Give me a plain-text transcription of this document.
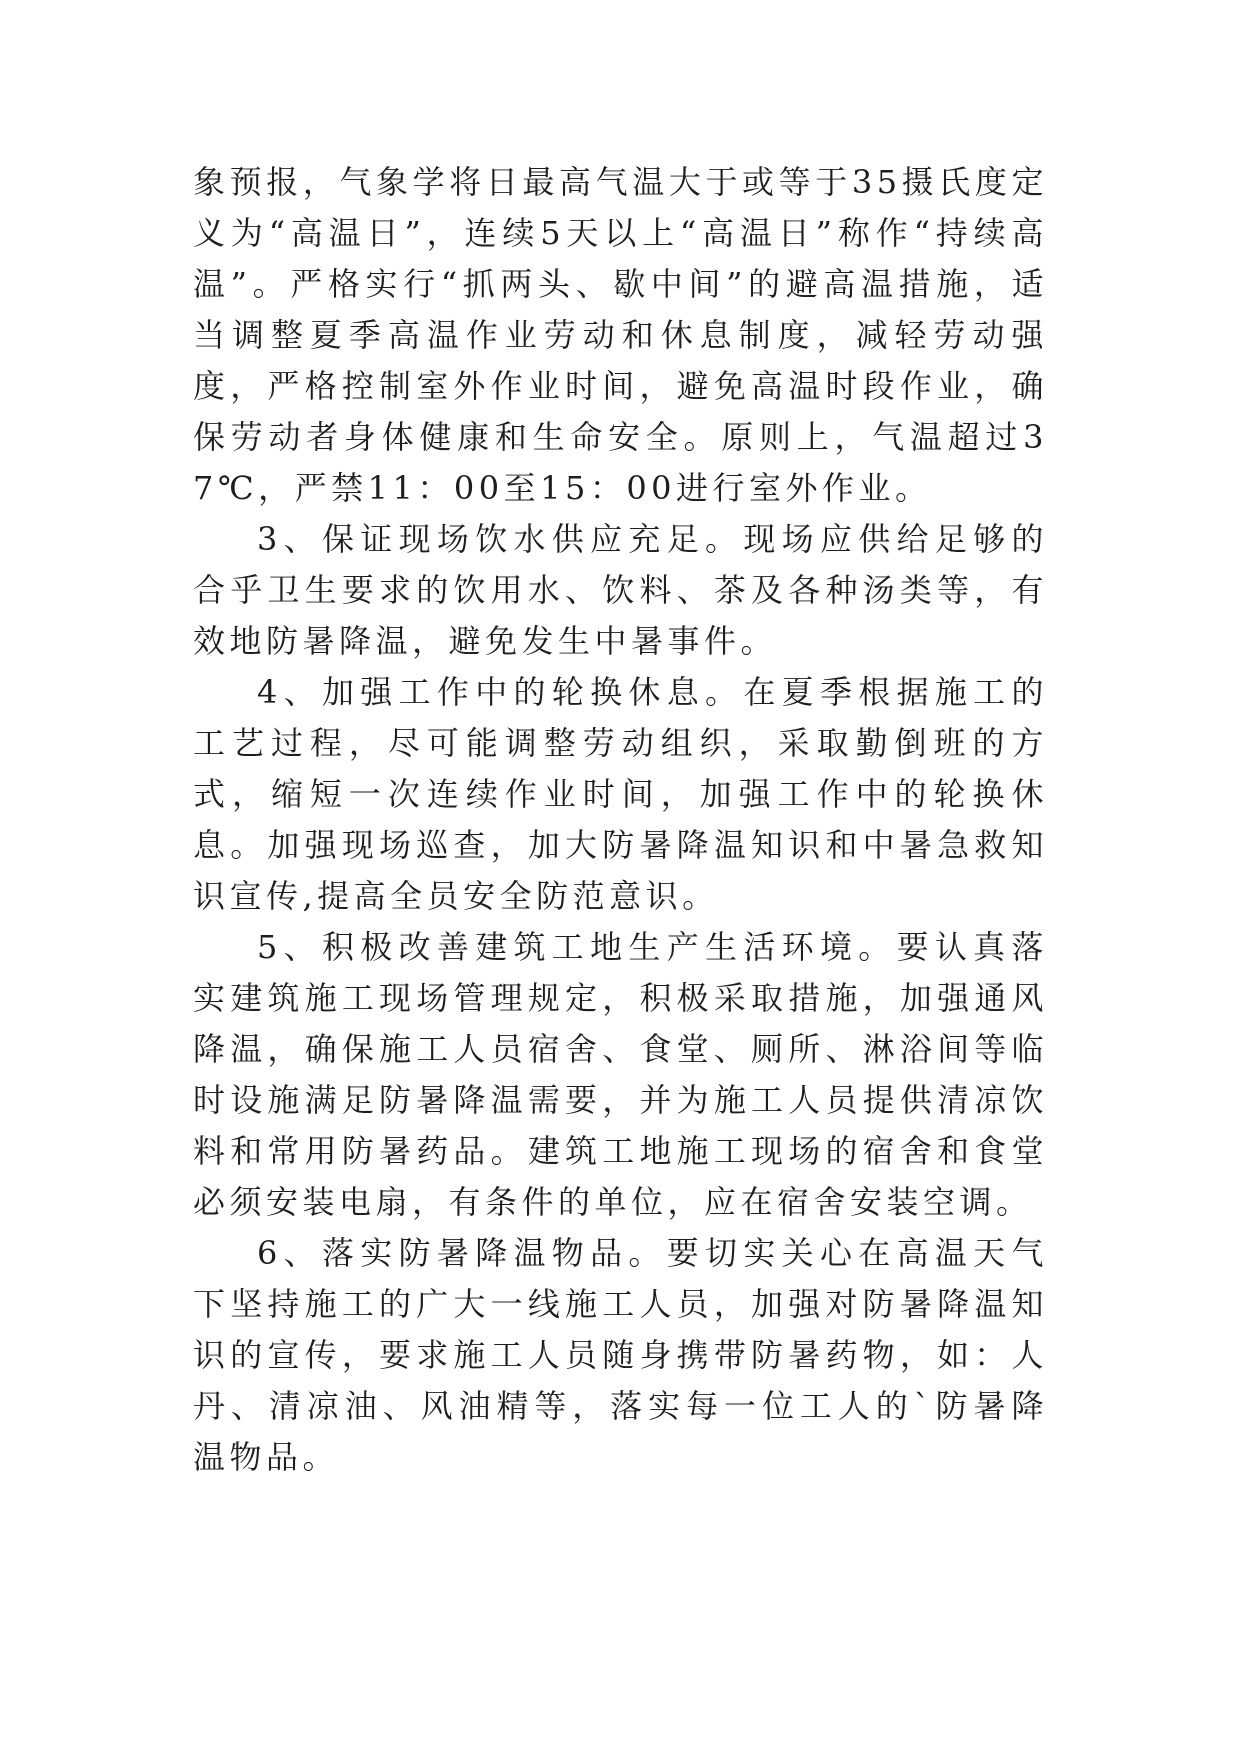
象预报，气象学将日最高气温大于或等于35摄氏度定义为“高温日”，连续5天以上“高温日”称作“持续高温”。严格实行“抓两头、歇中间”的避高温措施，适当调整夏季高温作业劳动和休息制度，减轻劳动强度，严格控制室外作业时间，避免高温时段作业，确保劳动者身体健康和生命安全。原则上，气温超过37℃，严禁11：00至15：00进行室外作业。

3、保证现场饮水供应充足。现场应供给足够的合乎卫生要求的饮用水、饮料、茶及各种汤类等，有效地防暑降温，避免发生中暑事件。

4、加强工作中的轮换休息。在夏季根据施工的工艺过程，尽可能调整劳动组织，采取勤倒班的方式，缩短一次连续作业时间，加强工作中的轮换休息。加强现场巡查，加大防暑降温知识和中暑急救知识宣传,提高全员安全防范意识。

5、积极改善建筑工地生产生活环境。要认真落实建筑施工现场管理规定，积极采取措施，加强通风降温，确保施工人员宿舍、食堂、厕所、淋浴间等临时设施满足防暑降温需要，并为施工人员提供清凉饮料和常用防暑药品。建筑工地施工现场的宿舍和食堂必须安装电扇，有条件的单位，应在宿舍安装空调。

6、落实防暑降温物品。要切实关心在高温天气下坚持施工的广大一线施工人员，加强对防暑降温知识的宣传，要求施工人员随身携带防暑药物，如：人丹、清凉油、风油精等，落实每一位工人的`防暑降温物品。
